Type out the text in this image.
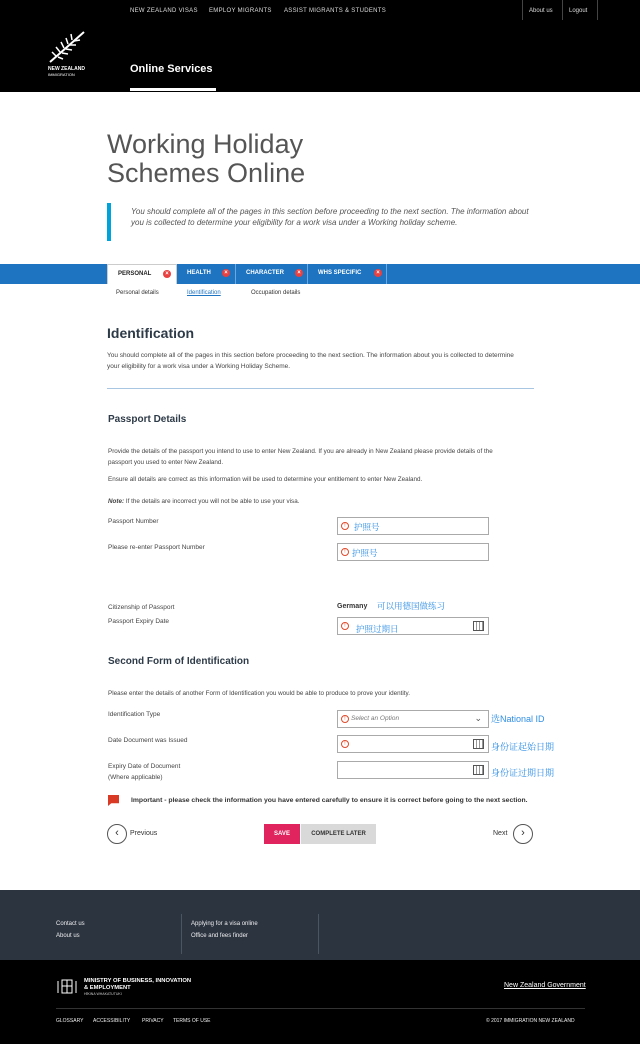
NEW ZEALAND VISAS EMPLOY MIGRANTS ASSIST MIGRANTS & STUDENTS	About us	Logout
NEW ZEALAND
IMMIGRATION	Online Services
Working Holiday
Schemes Online
You should complete all of the pages in this section before proceeding to the next section. The information about you is collected to determine your eligibility for a work visa under a Working holiday scheme.
PERSONAL	×	HEALTH	×	CHARACTER	×	WHS SPECIFIC	×
Personal details	Identification	Occupation details
Identification
You should complete all of the pages in this section before proceeding to the next section. The information about you is collected to determine your eligibility for a work visa under a Working Holiday Scheme.
Passport Details
Provide the details of the passport you intend to use to enter New Zealand. If you are already in New Zealand please provide details of the passport you used to enter New Zealand.
Ensure all details are correct as this information will be used to determine your entitlement to enter New Zealand.
Note: If the details are incorrect you will not be able to use your visa.
Passport Number
! 护照号
Please re-enter Passport Number
! 护照号
Citizenship of Passport	Germany 可以用德国做练习
Passport Expiry Date
!	护照过期日
Second Form of Identification
Please enter the details of another Form of Identification you would be able to produce to prove your identity.
Identification Type
! Select an Option	⌄ 选National ID
Date Document was Issued	!	身份证起始日期
Expiry Date of Document
(Where applicable)	身份证过期日期
Important - please check the information you have entered carefully to ensure it is correct before going to the next section.
‹	Previous	SAVE	COMPLETE LATER	Next	›
Contact us
About us
Applying for a visa online
Office and fees finder
MINISTRY OF BUSINESS, INNOVATION & EMPLOYMENT
HĪKINA WHAKATUTUKI
New Zealand Government
GLOSSARY ACCESSIBILITY PRIVACY TERMS OF USE	© 2017 IMMIGRATION NEW ZEALAND
